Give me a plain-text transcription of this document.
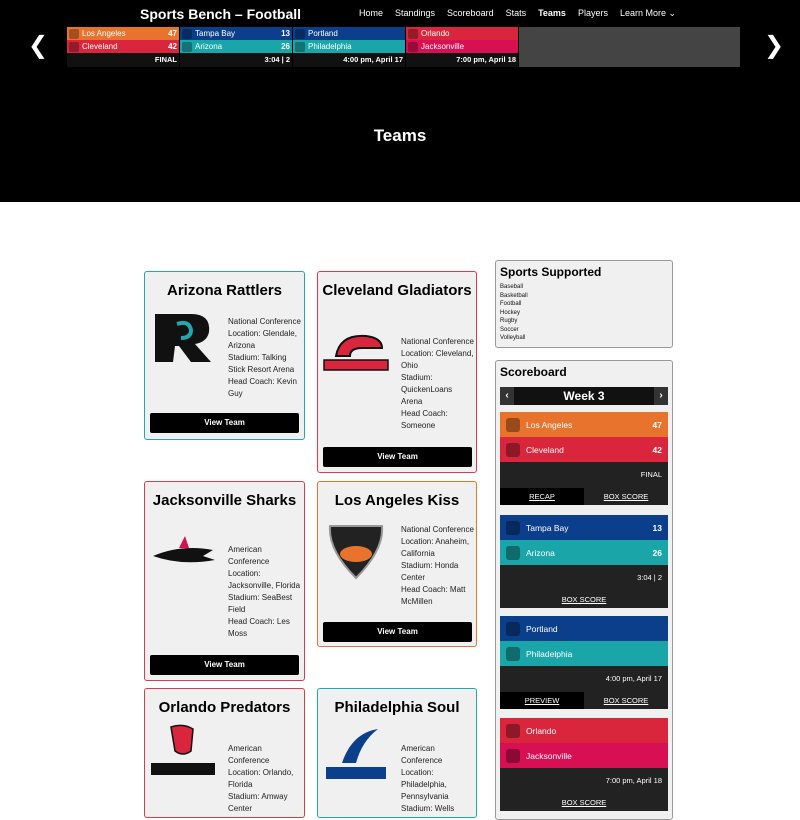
Sports Bench – Football	Home Standings Scoreboard Stats Teams Players Learn More ⌄
❮	❯
Los Angeles	47
Cleveland	42
FINAL
Tampa Bay	13
Arizona	26
3:04 | 2
Portland
Philadelphia
4:00 pm, April 17
Orlando
Jacksonville
7:00 pm, April 18
Teams
Arizona Rattlers
National Conference
Location: Glendale, Arizona
Stadium: Talking Stick Resort Arena
Head Coach: Kevin Guy
View Team
Cleveland Gladiators
National Conference
Location: Cleveland, Ohio
Stadium: QuickenLoans Arena
Head Coach: Someone
View Team
Jacksonville Sharks
American Conference
Location: Jacksonville, Florida
Stadium: SeaBest Field
Head Coach: Les Moss
View Team
Los Angeles Kiss
National Conference
Location: Anaheim, California
Stadium: Honda Center
Head Coach: Matt McMillen
View Team
Orlando Predators
American Conference
Location: Orlando, Florida
Stadium: Amway Center
Philadelphia Soul
American Conference
Location: Philadelphia, Pennsylvania
Stadium: Wells
Sports Supported
Baseball
Basketball
Football
Hockey
Rugby
Soccer
Volleyball
Scoreboard
‹	Week 3	›
Los Angeles	47
Cleveland	42
FINAL
RECAP	BOX SCORE
Tampa Bay	13
Arizona	26
3:04 | 2
BOX SCORE
Portland
Philadelphia
4:00 pm, April 17
PREVIEW	BOX SCORE
Orlando
Jacksonville
7:00 pm, April 18
BOX SCORE
